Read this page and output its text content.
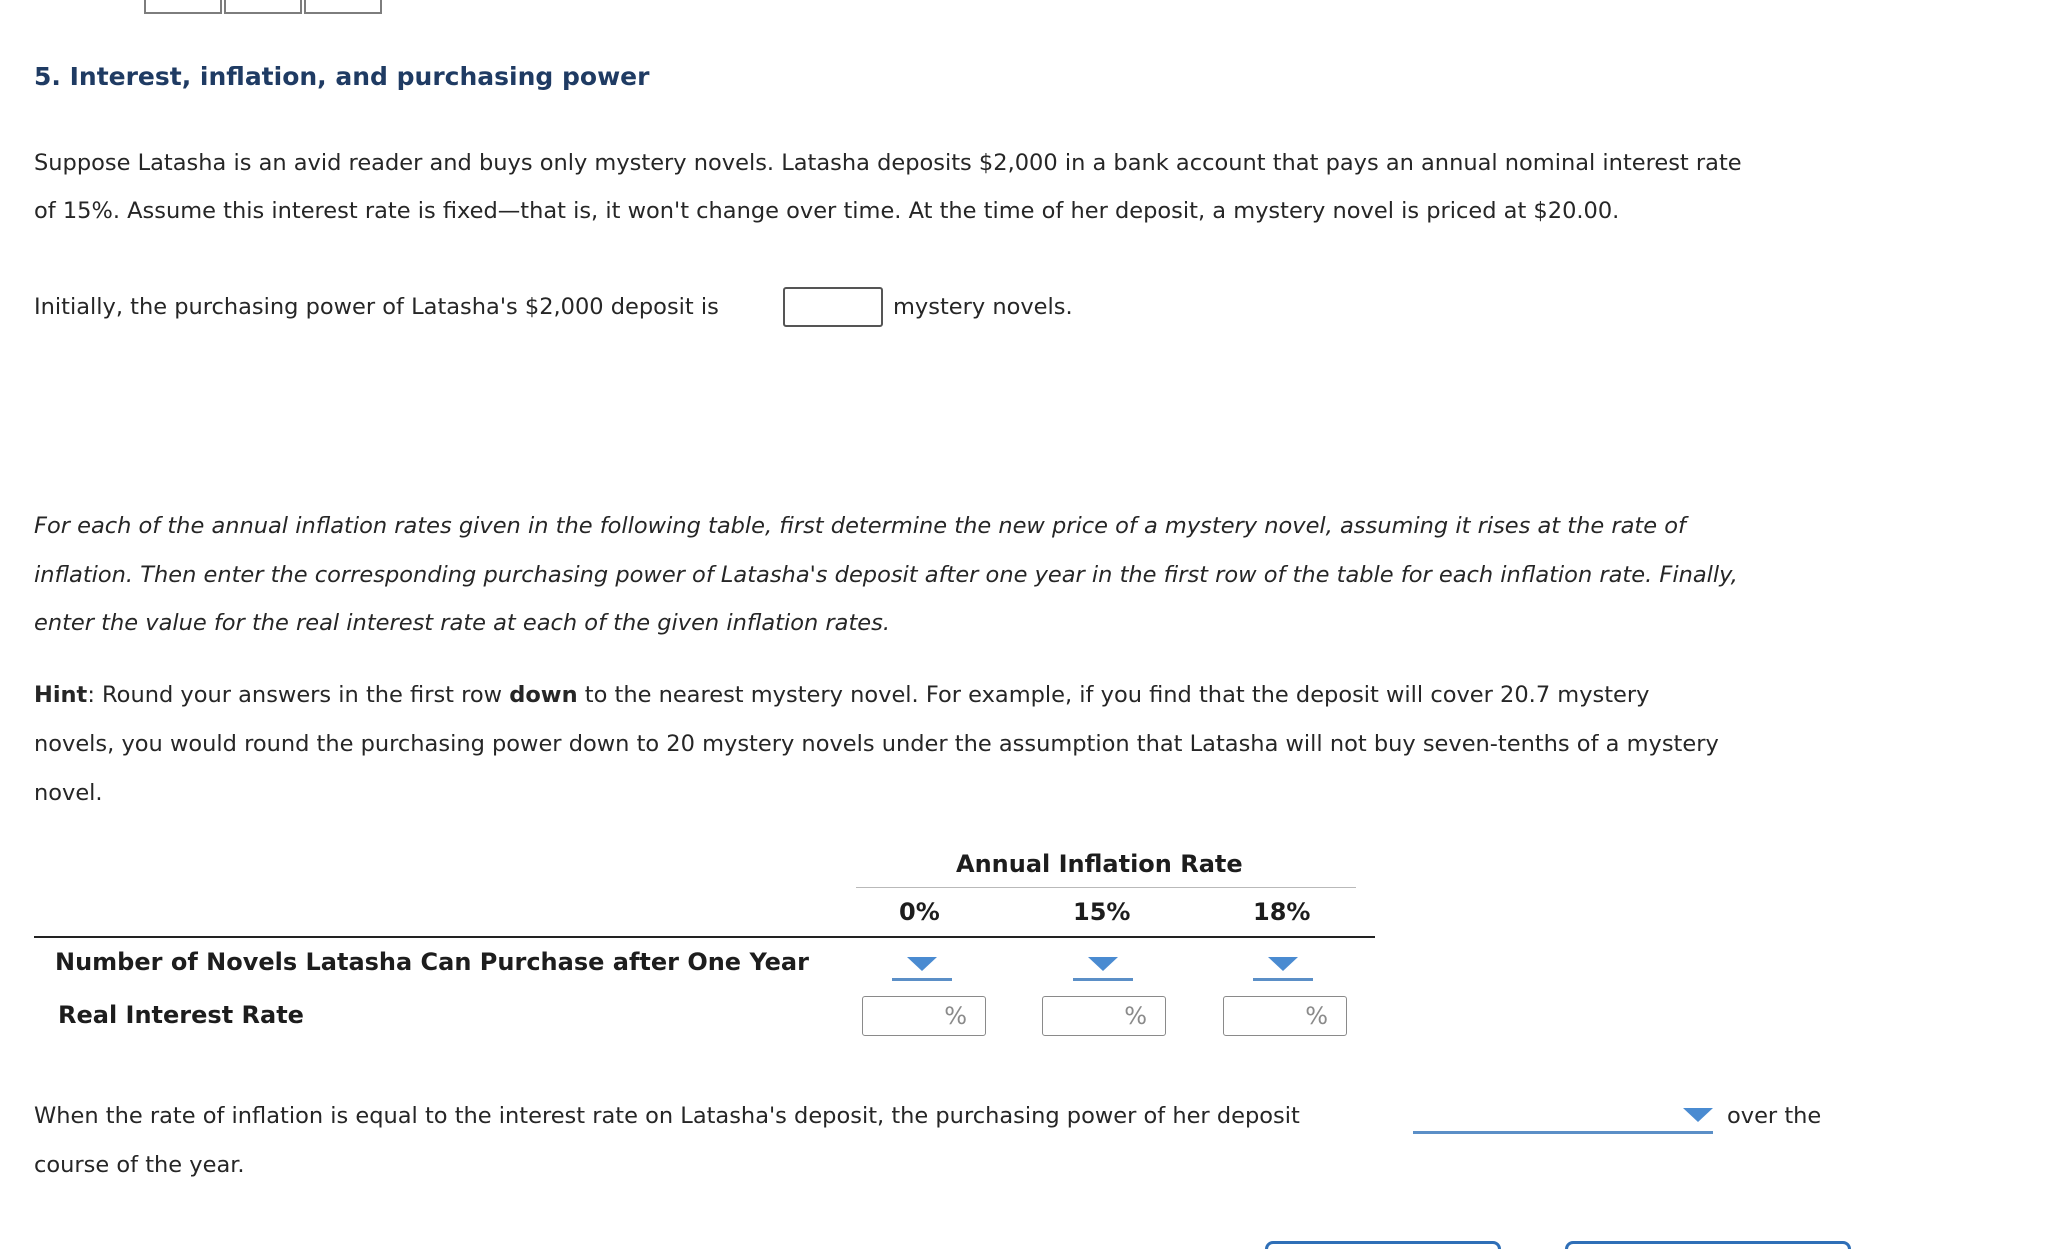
5. Interest, inflation, and purchasing power
Suppose Latasha is an avid reader and buys only mystery novels. Latasha deposits $2,000 in a bank account that pays an annual nominal interest rate
of 15%. Assume this interest rate is fixed—that is, it won't change over time. At the time of her deposit, a mystery novel is priced at $20.00.
Initially, the purchasing power of Latasha's $2,000 deposit is	mystery novels.
For each of the annual inflation rates given in the following table, first determine the new price of a mystery novel, assuming it rises at the rate of
inflation. Then enter the corresponding purchasing power of Latasha's deposit after one year in the first row of the table for each inflation rate. Finally,
enter the value for the real interest rate at each of the given inflation rates.
Hint: Round your answers in the first row down to the nearest mystery novel. For example, if you find that the deposit will cover 20.7 mystery
novels, you would round the purchasing power down to 20 mystery novels under the assumption that Latasha will not buy seven-tenths of a mystery
novel.
Annual Inflation Rate
0%	15%	18%
Number of Novels Latasha Can Purchase after One Year
Real Interest Rate	%	%	%
When the rate of inflation is equal to the interest rate on Latasha's deposit, the purchasing power of her deposit	over the
course of the year.
